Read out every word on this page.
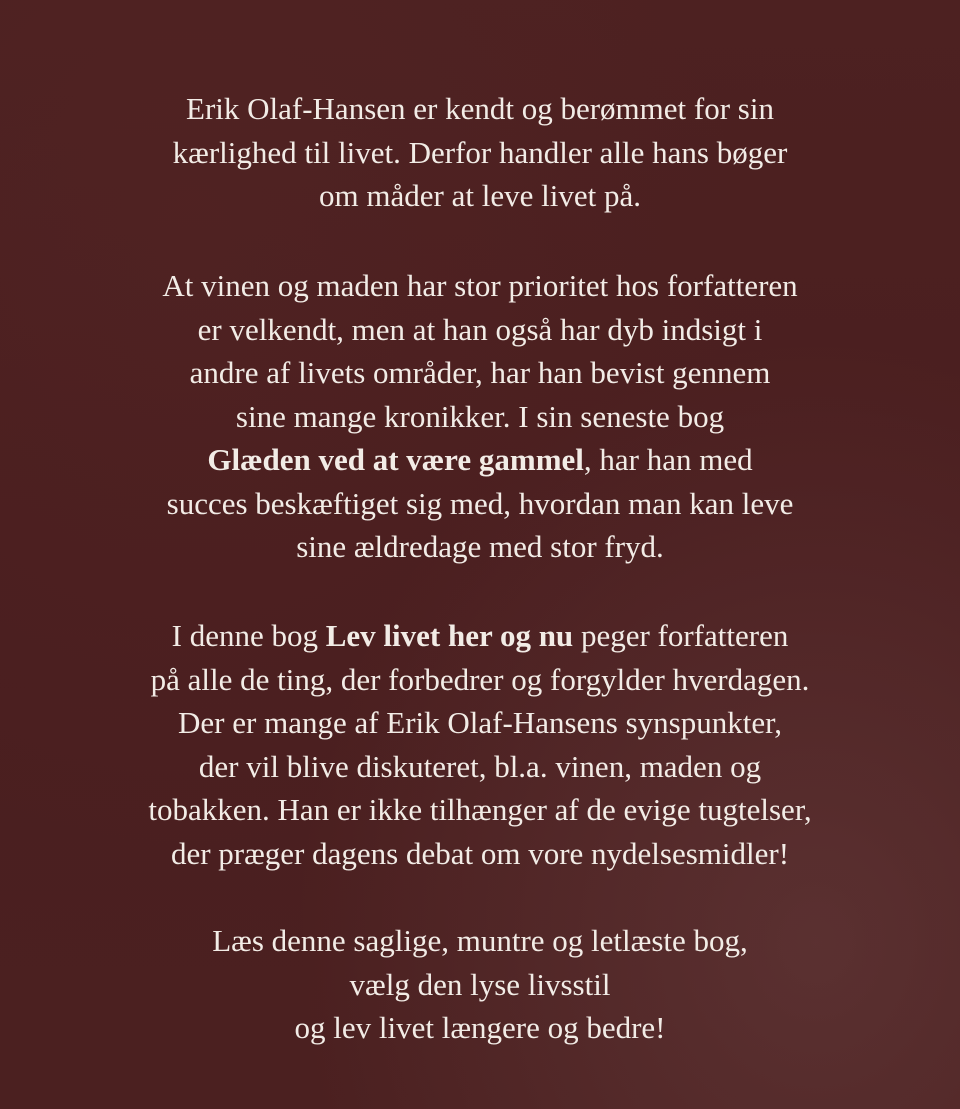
Erik Olaf-Hansen er kendt og berømmet for sin
kærlighed til livet. Derfor handler alle hans bøger
om måder at leve livet på.

At vinen og maden har stor prioritet hos forfatteren
er velkendt, men at han også har dyb indsigt i
andre af livets områder, har han bevist gennem
sine mange kronikker. I sin seneste bog
Glæden ved at være gammel, har han med
succes beskæftiget sig med, hvordan man kan leve
sine ældredage med stor fryd.

I denne bog Lev livet her og nu peger forfatteren
på alle de ting, der forbedrer og forgylder hverdagen.
Der er mange af Erik Olaf-Hansens synspunkter,
der vil blive diskuteret, bl.a. vinen, maden og
tobakken. Han er ikke tilhænger af de evige tugtelser,
der præger dagens debat om vore nydelsesmidler!

Læs denne saglige, muntre og letlæste bog,
vælg den lyse livsstil
og lev livet længere og bedre!
